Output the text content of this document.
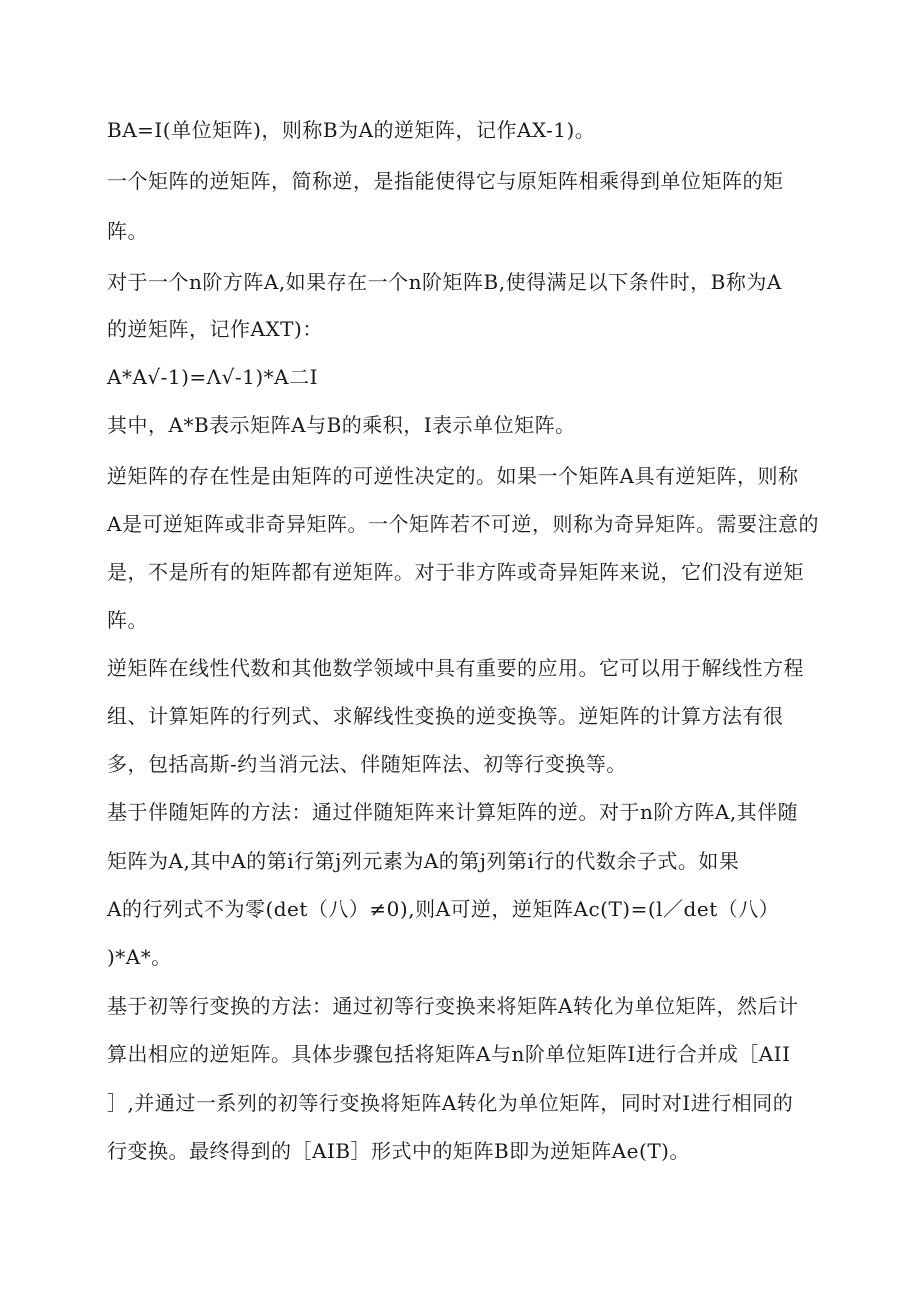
BA=I(单位矩阵)，则称B为A的逆矩阵，记作AX-1)。
一个矩阵的逆矩阵，简称逆，是指能使得它与原矩阵相乘得到单位矩阵的矩
阵。
对于一个n阶方阵A,如果存在一个n阶矩阵B,使得满足以下条件时，B称为A
的逆矩阵，记作AXT)：
A*A√-1)=Λ√-1)*A二I
其中，A*B表示矩阵A与B的乘积，I表示单位矩阵。
逆矩阵的存在性是由矩阵的可逆性决定的。如果一个矩阵A具有逆矩阵，则称
A是可逆矩阵或非奇异矩阵。一个矩阵若不可逆，则称为奇异矩阵。需要注意的
是，不是所有的矩阵都有逆矩阵。对于非方阵或奇异矩阵来说，它们没有逆矩
阵。
逆矩阵在线性代数和其他数学领域中具有重要的应用。它可以用于解线性方程
组、计算矩阵的行列式、求解线性变换的逆变换等。逆矩阵的计算方法有很
多，包括高斯-约当消元法、伴随矩阵法、初等行变换等。
基于伴随矩阵的方法：通过伴随矩阵来计算矩阵的逆。对于n阶方阵A,其伴随
矩阵为A,其中A的第i行第j列元素为A的第j列第i行的代数余子式。如果
A的行列式不为零(det（八）≠0),则A可逆，逆矩阵Ac(T)=(l／det（八）
)*A*。
基于初等行变换的方法：通过初等行变换来将矩阵A转化为单位矩阵，然后计
算出相应的逆矩阵。具体步骤包括将矩阵A与n阶单位矩阵I进行合并成［AII
］,并通过一系列的初等行变换将矩阵A转化为单位矩阵，同时对I进行相同的
行变换。最终得到的［AIB］形式中的矩阵B即为逆矩阵Ae(T)。
